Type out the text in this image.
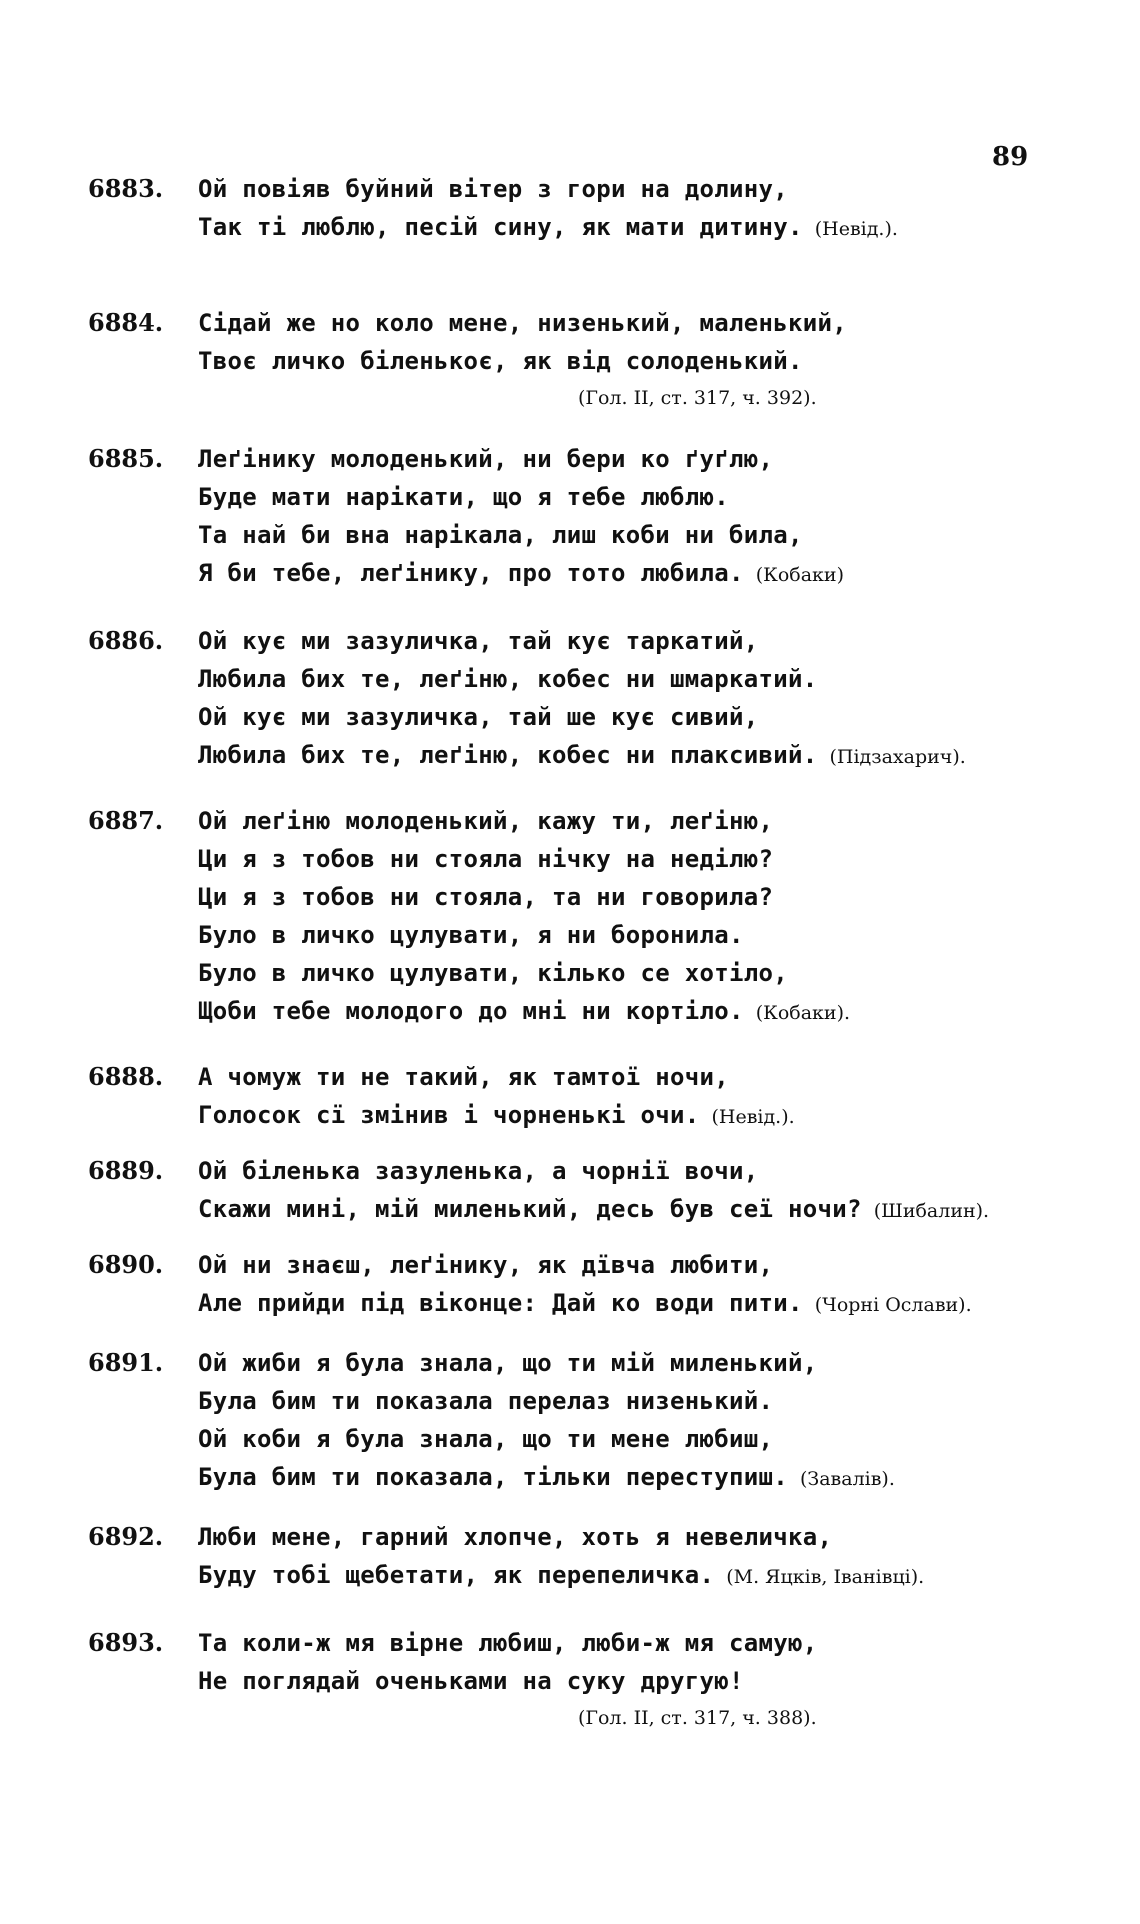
89
6883. Ой повіяв буйний вітер з гори на долину,
Так ті люблю, песій сину, як мати дитину. (Невід.).
6884. Сідай же но коло мене, низенький, маленький,
Твоє личко біленькоє, як від солоденький.
(Гол. II, ст. 317, ч. 392).
6885. Леґінику молоденький, ни бери ко ґуґлю,
Буде мати нарікати, що я тебе люблю.
Та най би вна нарікала, лиш коби ни била,
Я би тебе, леґінику, про тото любила. (Кобаки)
6886. Ой кує ми зазуличка, тай кує таркатий,
Любила бих те, леґіню, кобес ни шмаркатий.
Ой кує ми зазуличка, тай ше кує сивий,
Любила бих те, леґіню, кобес ни плаксивий. (Підзахарич).
6887. Ой леґіню молоденький, кажу ти, леґіню,
Ци я з тобов ни стояла нічку на неділю?
Ци я з тобов ни стояла, та ни говорила?
Було в личко цулувати, я ни боронила.
Було в личко цулувати, кілько се хотіло,
Щоби тебе молодого до мні ни кортіло. (Кобаки).
6888. А чомуж ти не такий, як тамтої ночи,
Голосок сї змінив і чорненькі очи. (Невід.).
6889. Ой біленька зазуленька, а чорнії вочи,
Скажи мині, мій миленький, десь був сеї ночи? (Шибалин).
6890. Ой ни знаєш, леґінику, як дївча любити,
Але прийди під віконце: Дай ко води пити. (Чорні Ослави).
6891. Ой жиби я була знала, що ти мій миленький,
Була бим ти показала перелаз низенький.
Ой коби я була знала, що ти мене любиш,
Була бим ти показала, тільки переступиш. (Завалів).
6892. Люби мене, гарний хлопче, хоть я невеличка,
Буду тобі щебетати, як перепеличка. (М. Яцків, Іванівці).
6893. Та коли-ж мя вірне любиш, люби-ж мя самую,
Не поглядай оченьками на суку другую!
(Гол. II, ст. 317, ч. 388).
